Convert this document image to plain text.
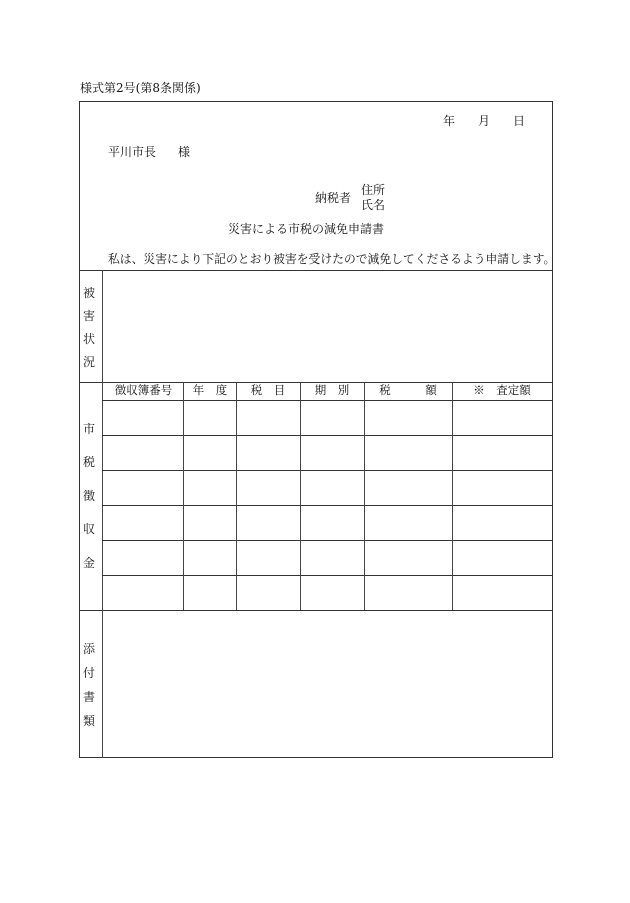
様式第2号(第8条関係)
年 月 日
平川市長 様
納税者
住所
氏名
災害による市税の減免申請書
私は、災害により下記のとおり被害を受けたので減免してくださるよう申請します。
被
害
状
況
市
税
徴
収
金
徴収簿番号	年　度	税　目	期　別	税　　　額	※　査定額
添
付
書
類
